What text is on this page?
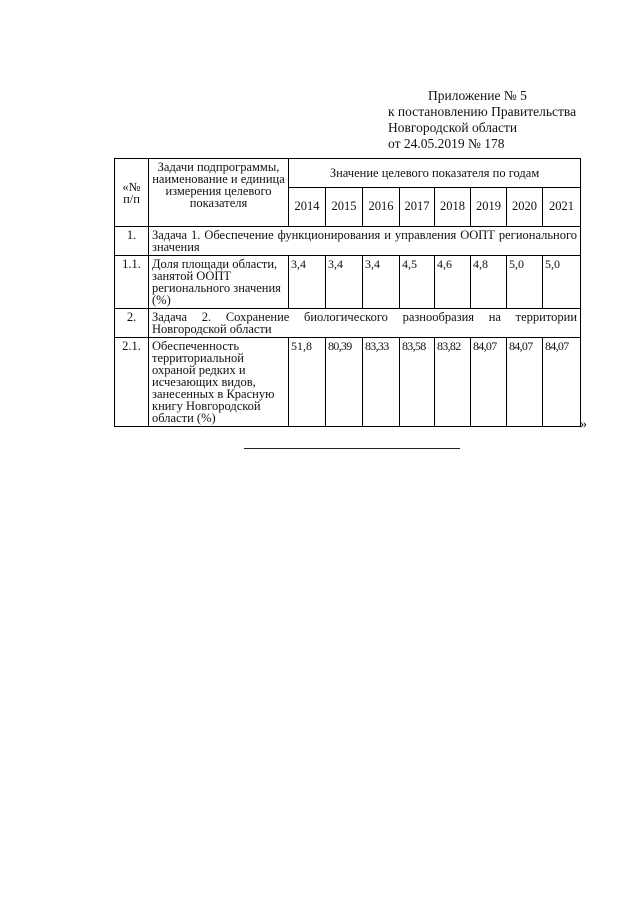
Приложение № 5
к постановлению Правительства
Новгородской области
от 24.05.2019 № 178
«№ п/п	Задачи подпрограммы, наименование и единица измерения целевого показателя	Значение целевого показателя по годам							
		2014	2015	2016	2017	2018	2019	2020	2021
1.	Задача 1. Обеспечение функционирования и управления ООПТ регионального значения								
1.1.	Доля площади области, занятой ООПТ регионального значения (%)	3,4	3,4	3,4	4,5	4,6	4,8	5,0	5,0
2.	Задача 2. Сохранение биологического разнообразия на территории Новгородской области								
2.1.	Обеспеченность территориальной охраной редких и исчезающих видов, занесенных в Красную книгу Новгородской области (%)	51,8	80,39	83,33	83,58	83,82	84,07	84,07	84,07
»
